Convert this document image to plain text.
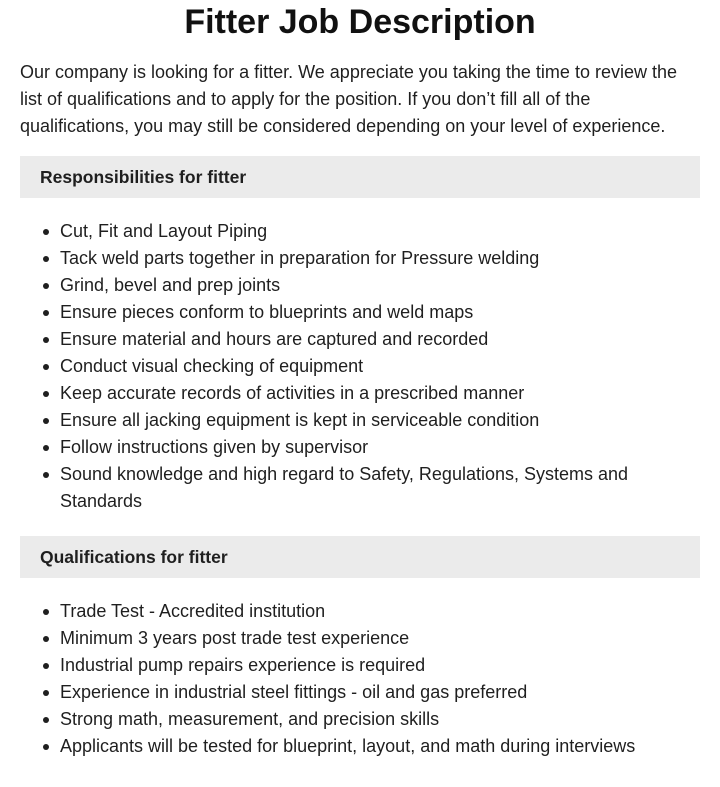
Fitter Job Description

Our company is looking for a fitter. We appreciate you taking the time to review the list of qualifications and to apply for the position. If you don’t fill all of the qualifications, you may still be considered depending on your level of experience.

Responsibilities for fitter
Cut, Fit and Layout Piping
Tack weld parts together in preparation for Pressure welding
Grind, bevel and prep joints
Ensure pieces conform to blueprints and weld maps
Ensure material and hours are captured and recorded
Conduct visual checking of equipment
Keep accurate records of activities in a prescribed manner
Ensure all jacking equipment is kept in serviceable condition
Follow instructions given by supervisor
Sound knowledge and high regard to Safety, Regulations, Systems and Standards
Qualifications for fitter
Trade Test - Accredited institution
Minimum 3 years post trade test experience
Industrial pump repairs experience is required
Experience in industrial steel fittings - oil and gas preferred
Strong math, measurement, and precision skills
Applicants will be tested for blueprint, layout, and math during interviews
